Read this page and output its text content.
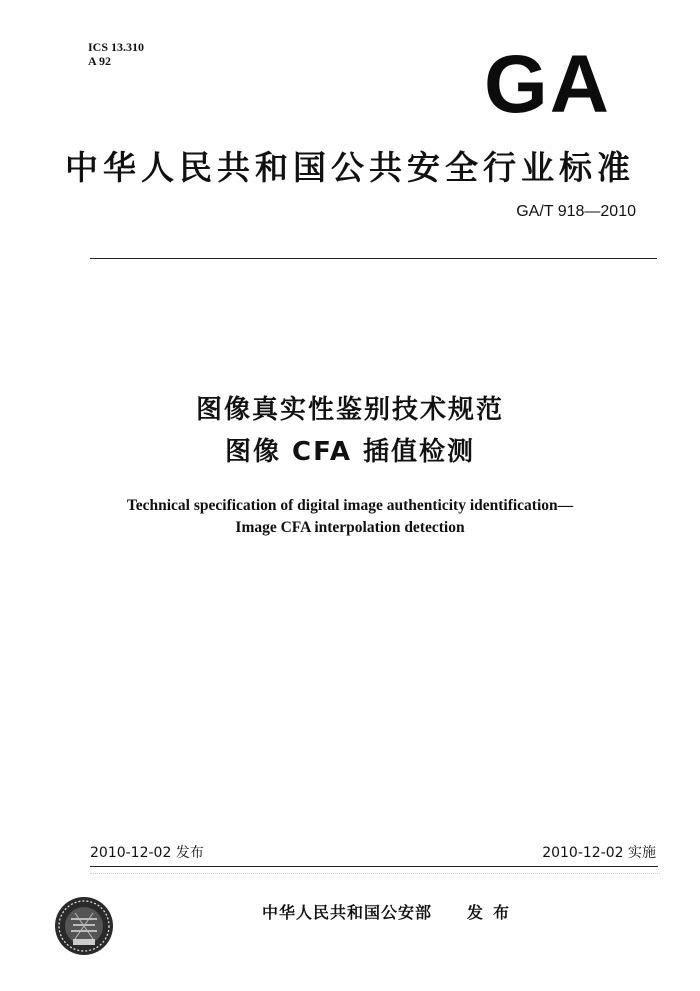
ICS 13.310
A 92	GA
中华人民共和国公共安全行业标准
GA/T 918—2010
图像真实性鉴别技术规范
图像 CFA 插值检测
Technical specification of digital image authenticity identification—
Image CFA interpolation detection
2010-12-02 发布	2010-12-02 实施
中华人民共和国公安部 发布
